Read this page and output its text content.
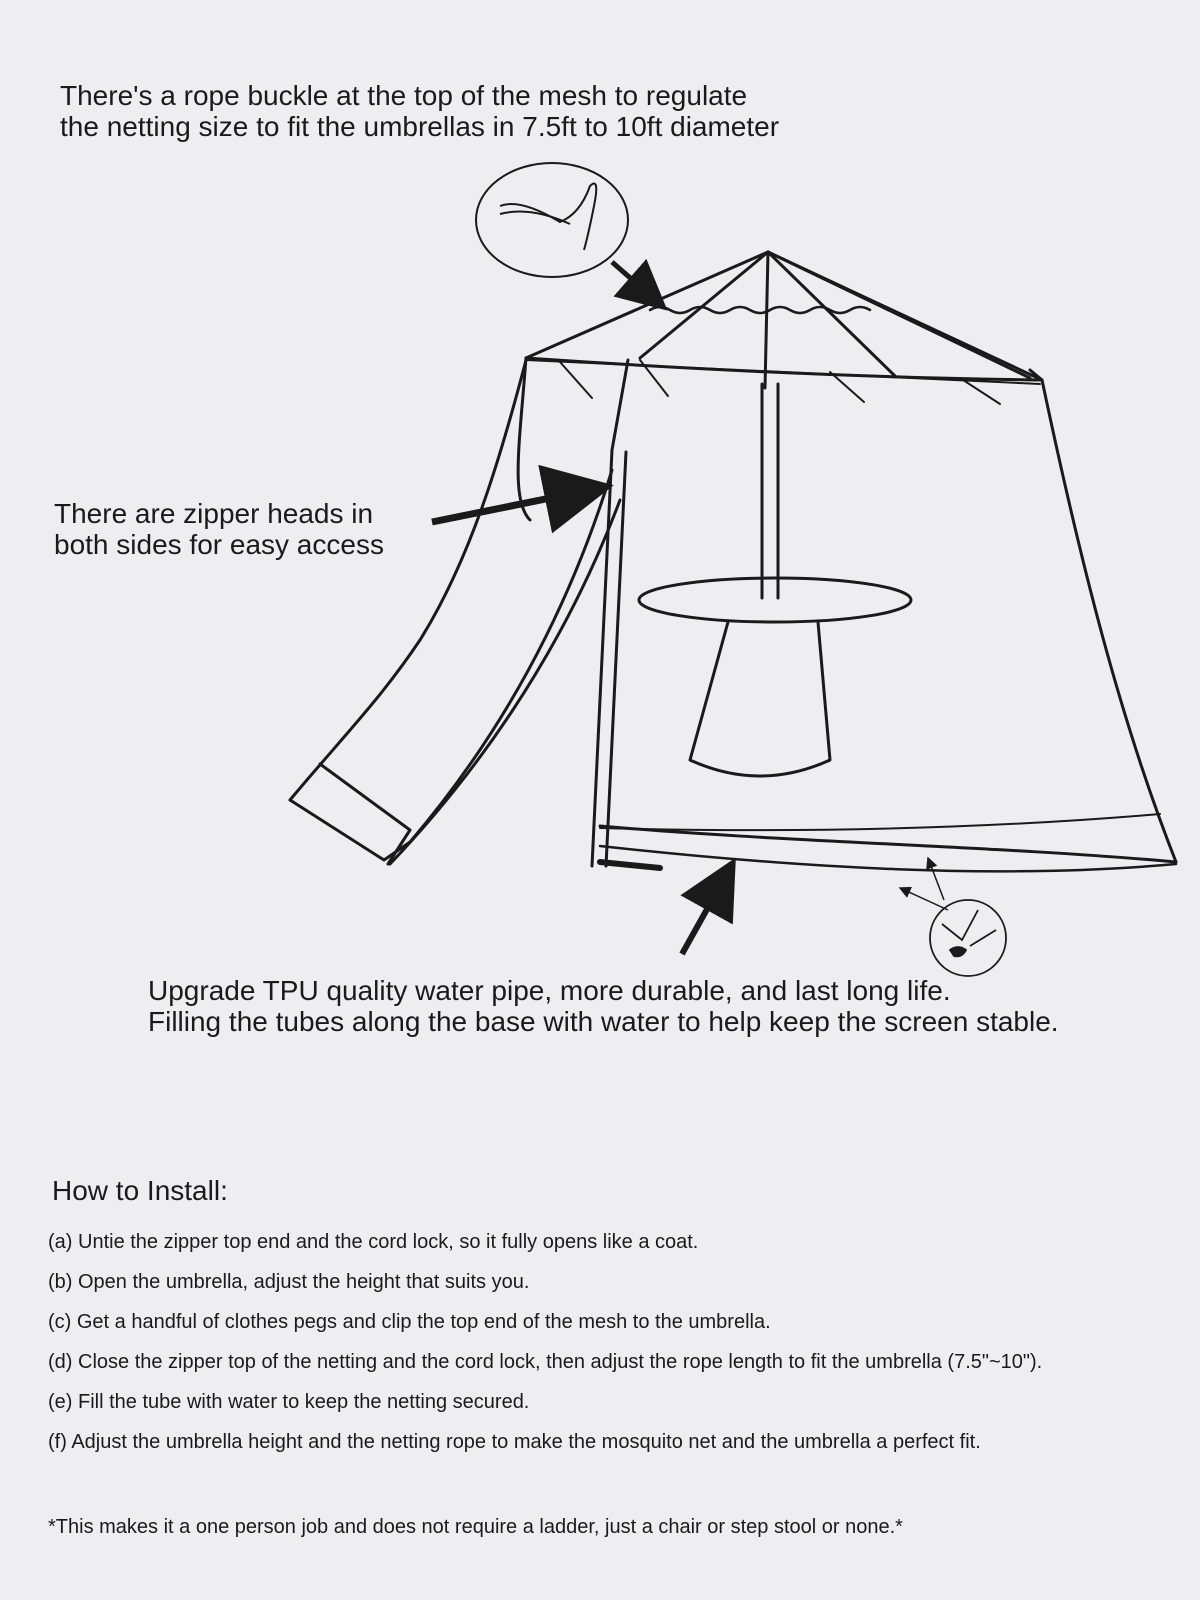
There's a rope buckle at the top of the mesh to regulate
the netting size to fit the umbrellas in 7.5ft to 10ft diameter
There are zipper heads in
both sides for easy access
Upgrade TPU quality water pipe, more durable, and last long life.
Filling the tubes along the base with water to help keep the screen stable.
How to Install:
(a) Untie the zipper top end and the cord lock, so it fully opens like a coat.
(b) Open the umbrella, adjust the height that suits you.
(c) Get a handful of clothes pegs and clip the top end of the mesh to the umbrella.
(d) Close the zipper top of the netting and the cord lock, then adjust the rope length to fit the umbrella (7.5"~10").
(e) Fill the tube with water to keep the netting secured.
(f) Adjust the umbrella height and the netting rope to make the mosquito net and the umbrella a perfect fit.
*This makes it a one person job and does not require a ladder, just a chair or step stool or none.*
